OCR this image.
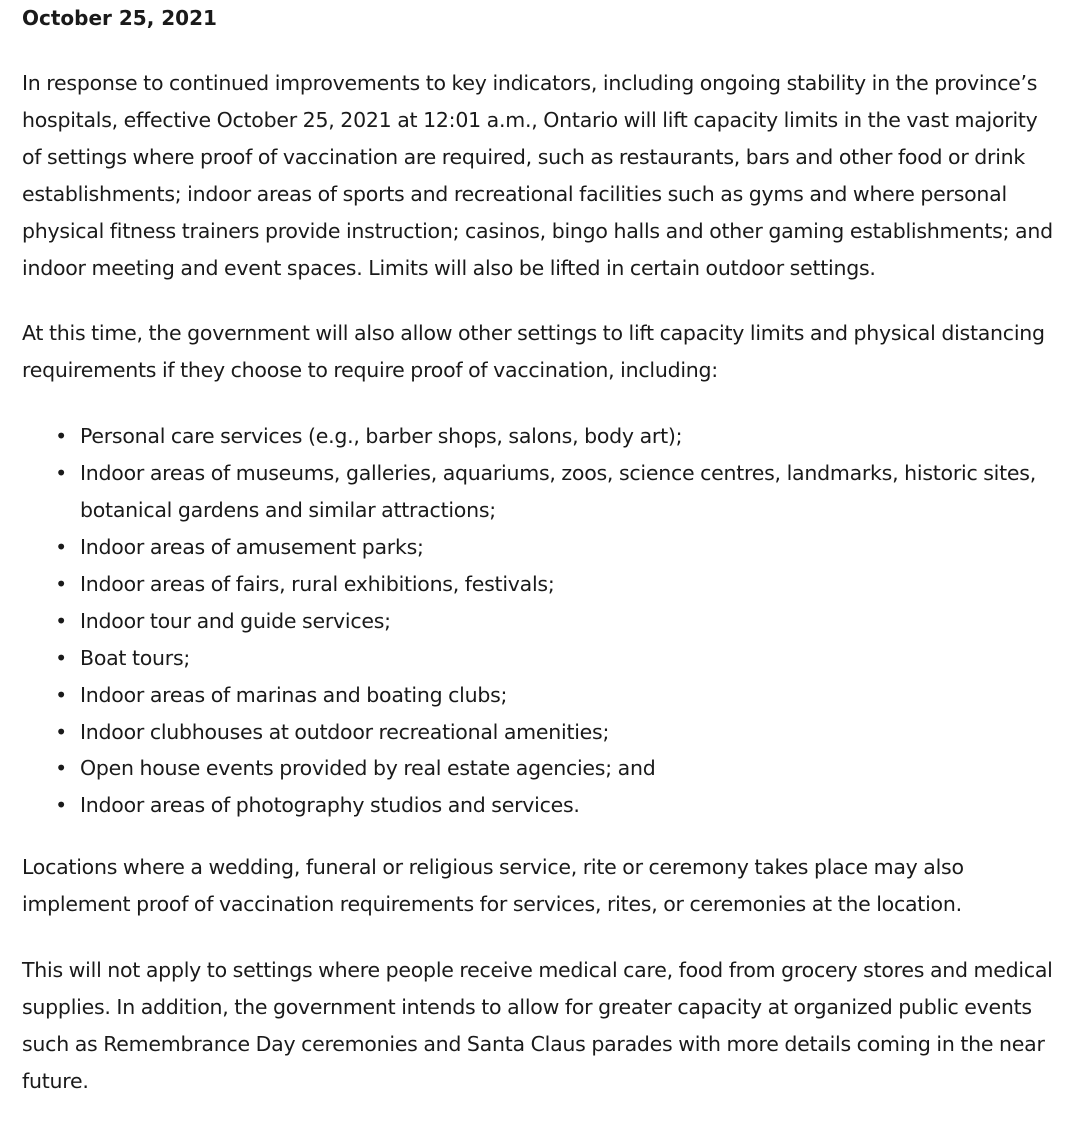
October 25, 2021

In response to continued improvements to key indicators, including ongoing stability in the province’s hospitals, effective October 25, 2021 at 12:01 a.m., Ontario will lift capacity limits in the vast majority of settings where proof of vaccination are required, such as restaurants, bars and other food or drink establishments; indoor areas of sports and recreational facilities such as gyms and where personal physical fitness trainers provide instruction; casinos, bingo halls and other gaming establishments; and indoor meeting and event spaces. Limits will also be lifted in certain outdoor settings.

At this time, the government will also allow other settings to lift capacity limits and physical distancing requirements if they choose to require proof of vaccination, including:

• Personal care services (e.g., barber shops, salons, body art);
• Indoor areas of museums, galleries, aquariums, zoos, science centres, landmarks, historic sites, botanical gardens and similar attractions;
• Indoor areas of amusement parks;
• Indoor areas of fairs, rural exhibitions, festivals;
• Indoor tour and guide services;
• Boat tours;
• Indoor areas of marinas and boating clubs;
• Indoor clubhouses at outdoor recreational amenities;
• Open house events provided by real estate agencies; and
• Indoor areas of photography studios and services.

Locations where a wedding, funeral or religious service, rite or ceremony takes place may also implement proof of vaccination requirements for services, rites, or ceremonies at the location.

This will not apply to settings where people receive medical care, food from grocery stores and medical supplies. In addition, the government intends to allow for greater capacity at organized public events such as Remembrance Day ceremonies and Santa Claus parades with more details coming in the near future.
